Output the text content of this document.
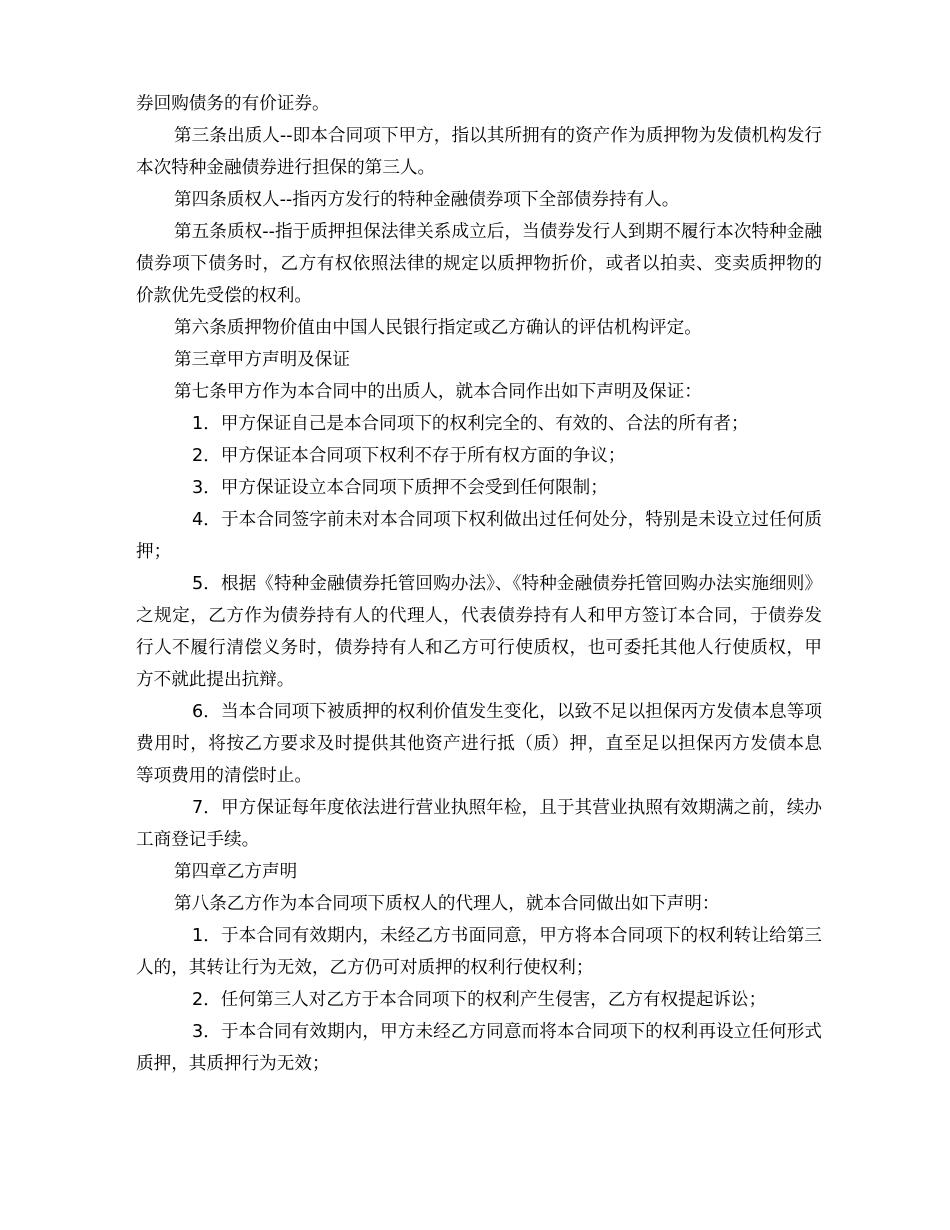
券回购债务的有价证券。

第三条出质人--即本合同项下甲方，指以其所拥有的资产作为质押物为发债机构发行本次特种金融债券进行担保的第三人。

第四条质权人--指丙方发行的特种金融债券项下全部债券持有人。

第五条质权--指于质押担保法律关系成立后，当债券发行人到期不履行本次特种金融债券项下债务时，乙方有权依照法律的规定以质押物折价，或者以拍卖、变卖质押物的价款优先受偿的权利。

第六条质押物价值由中国人民银行指定或乙方确认的评估机构评定。

第三章甲方声明及保证

第七条甲方作为本合同中的出质人，就本合同作出如下声明及保证：

1．甲方保证自己是本合同项下的权利完全的、有效的、合法的所有者；

2．甲方保证本合同项下权利不存于所有权方面的争议；

3．甲方保证设立本合同项下质押不会受到任何限制；

4．于本合同签字前未对本合同项下权利做出过任何处分，特别是未设立过任何质押；

5．根据《特种金融债券托管回购办法》、《特种金融债券托管回购办法实施细则》之规定，乙方作为债券持有人的代理人，代表债券持有人和甲方签订本合同，于债券发行人不履行清偿义务时，债券持有人和乙方可行使质权，也可委托其他人行使质权，甲方不就此提出抗辩。

6．当本合同项下被质押的权利价值发生变化，以致不足以担保丙方发债本息等项费用时，将按乙方要求及时提供其他资产进行抵（质）押，直至足以担保丙方发债本息等项费用的清偿时止。

7．甲方保证每年度依法进行营业执照年检，且于其营业执照有效期满之前，续办工商登记手续。

第四章乙方声明

第八条乙方作为本合同项下质权人的代理人，就本合同做出如下声明：

1．于本合同有效期内，未经乙方书面同意，甲方将本合同项下的权利转让给第三人的，其转让行为无效，乙方仍可对质押的权利行使权利；

2．任何第三人对乙方于本合同项下的权利产生侵害，乙方有权提起诉讼；

3．于本合同有效期内，甲方未经乙方同意而将本合同项下的权利再设立任何形式质押，其质押行为无效；
